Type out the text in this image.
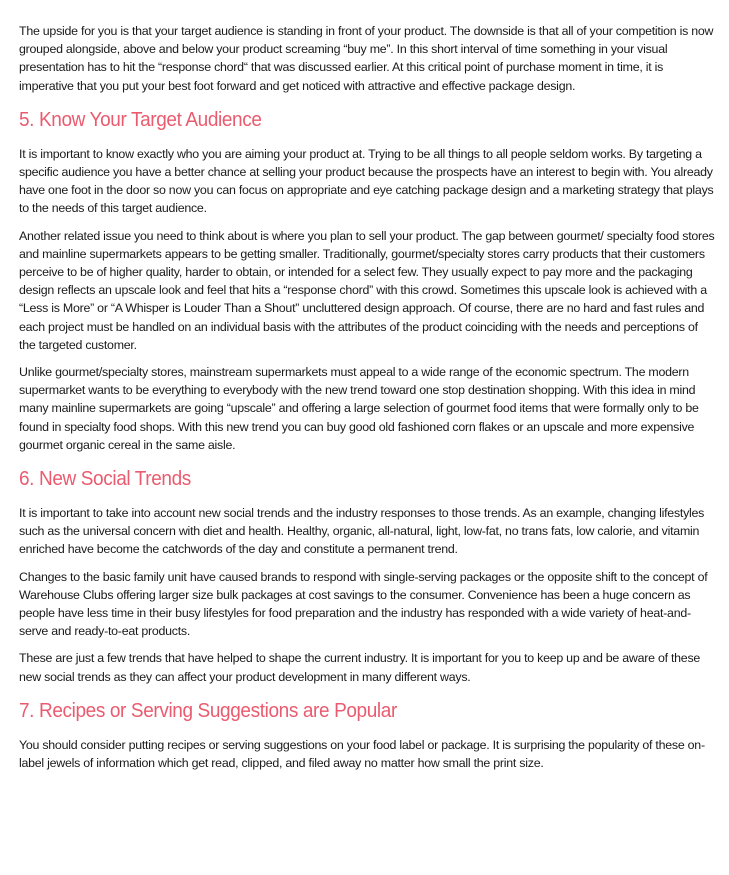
The upside for you is that your target audience is standing in front of your product. The downside is that all of your competition is now grouped alongside, above and below your product screaming “buy me”. In this short interval of time something in your visual presentation has to hit the “response chord“ that was discussed earlier. At this critical point of purchase moment in time, it is imperative that you put your best foot forward and get noticed with attractive and effective package design.

5. Know Your Target Audience

It is important to know exactly who you are aiming your product at. Trying to be all things to all people seldom works. By targeting a specific audience you have a better chance at selling your product because the prospects have an interest to begin with. You already have one foot in the door so now you can focus on appropriate and eye catching package design and a marketing strategy that plays to the needs of this target audience.

Another related issue you need to think about is where you plan to sell your product. The gap between gourmet/ specialty food stores and mainline supermarkets appears to be getting smaller. Traditionally, gourmet/specialty stores carry products that their customers perceive to be of higher quality, harder to obtain, or intended for a select few. They usually expect to pay more and the packaging design reflects an upscale look and feel that hits a “response chord” with this crowd. Sometimes this upscale look is achieved with a “Less is More” or “A Whisper is Louder Than a Shout” uncluttered design approach. Of course, there are no hard and fast rules and each project must be handled on an individual basis with the attributes of the product coinciding with the needs and perceptions of the targeted customer.

Unlike gourmet/specialty stores, mainstream supermarkets must appeal to a wide range of the economic spectrum. The modern supermarket wants to be everything to everybody with the new trend toward one stop destination shopping. With this idea in mind many mainline supermarkets are going “upscale” and offering a large selection of gourmet food items that were formally only to be found in specialty food shops. With this new trend you can buy good old fashioned corn flakes or an upscale and more expensive gourmet organic cereal in the same aisle.

6. New Social Trends

It is important to take into account new social trends and the industry responses to those trends. As an example, changing lifestyles such as the universal concern with diet and health. Healthy, organic, all-natural, light, low-fat, no trans fats, low calorie, and vitamin enriched have become the catchwords of the day and constitute a permanent trend.

Changes to the basic family unit have caused brands to respond with single-serving packages or the opposite shift to the concept of Warehouse Clubs offering larger size bulk packages at cost savings to the consumer. Convenience has been a huge concern as people have less time in their busy lifestyles for food preparation and the industry has responded with a wide variety of heat-and-serve and ready-to-eat products.

These are just a few trends that have helped to shape the current industry. It is important for you to keep up and be aware of these new social trends as they can affect your product development in many different ways.

7. Recipes or Serving Suggestions are Popular

You should consider putting recipes or serving suggestions on your food label or package. It is surprising the popularity of these on-label jewels of information which get read, clipped, and filed away no matter how small the print size.
